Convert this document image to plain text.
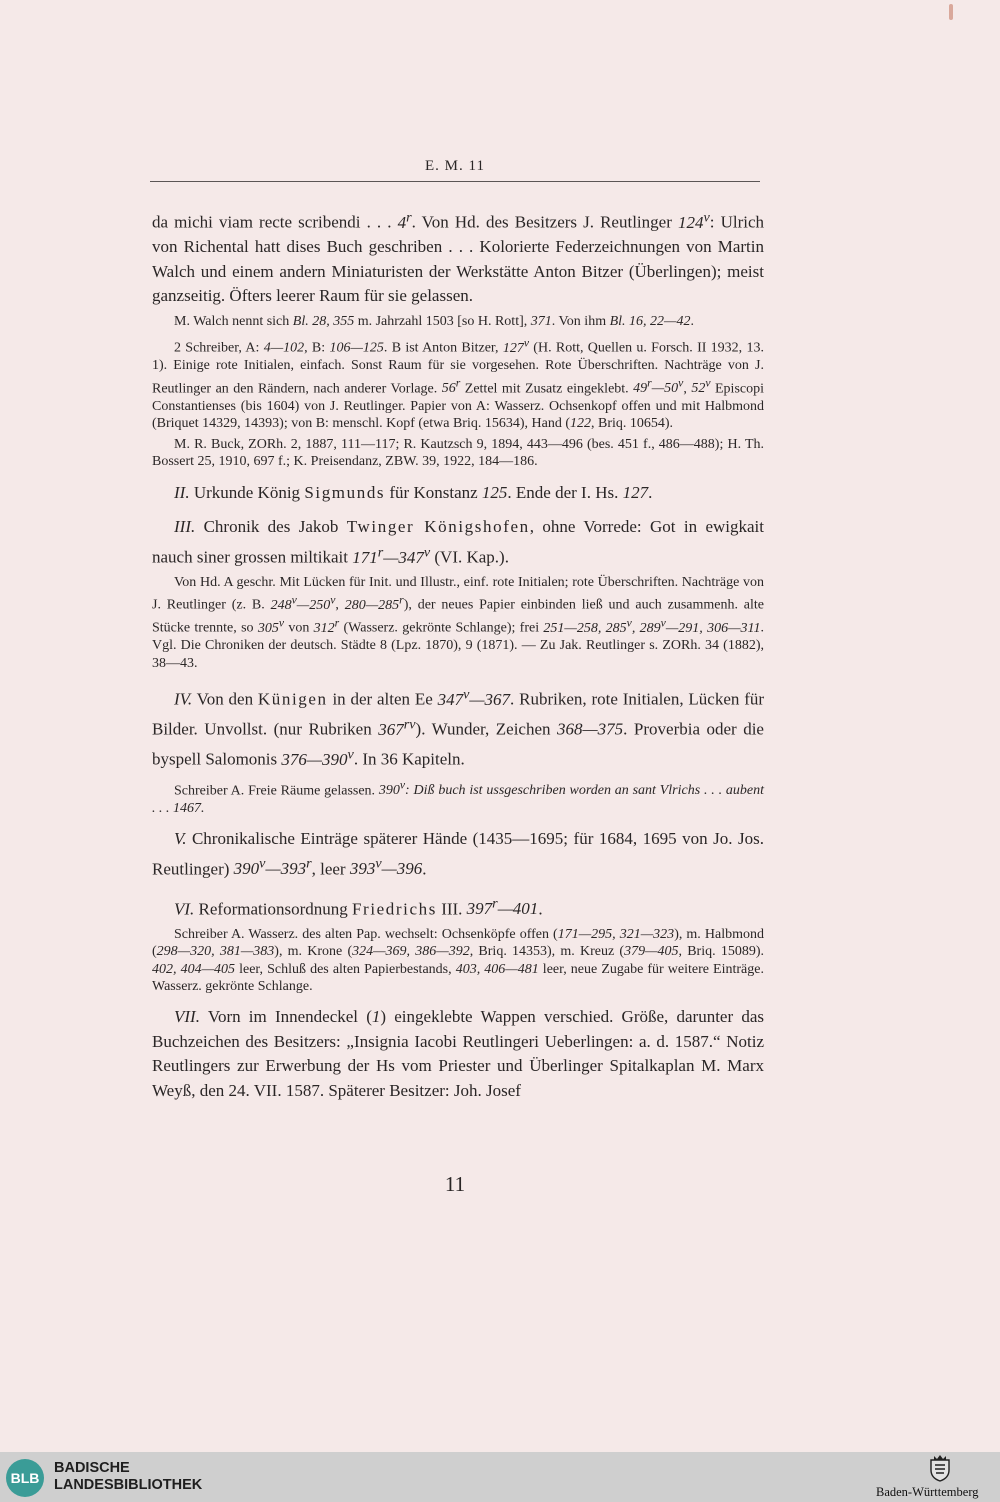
E. M. 11

da michi viam recte scribendi . . . 4$^r$. Von Hd. des Besitzers J. Reutlinger 124$^v$: Ulrich von Richental hatt dises Buch geschriben . . . Kolorierte Federzeichnungen von Martin Walch und einem andern Miniaturisten der Werkstätte Anton Bitzer (Überlingen); meist ganzseitig. Öfters leerer Raum für sie gelassen.

M. Walch nennt sich Bl. 28, 355 m. Jahrzahl 1503 [so H. Rott], 371. Von ihm Bl. 16, 22—42.

2 Schreiber, A: 4—102, B: 106—125. B ist Anton Bitzer, 127$^v$ (H. Rott, Quellen u. Forsch. II 1932, 13. 1). Einige rote Initialen, einfach. Sonst Raum für sie vorgesehen. Rote Überschriften. Nachträge von J. Reutlinger an den Rändern, nach anderer Vorlage. 56$^r$ Zettel mit Zusatz eingeklebt. 49$^r$—50$^v$, 52$^v$ Episcopi Constantienses (bis 1604) von J. Reutlinger. Papier von A: Wasserz. Ochsenkopf offen und mit Halbmond (Briquet 14329, 14393); von B: menschl. Kopf (etwa Briq. 15634), Hand (122, Briq. 10654).

M. R. Buck, ZORh. 2, 1887, 111—117; R. Kautzsch 9, 1894, 443—496 (bes. 451 f., 486—488); H. Th. Bossert 25, 1910, 697 f.; K. Preisendanz, ZBW. 39, 1922, 184—186.

II. Urkunde König Sigmunds für Konstanz 125. Ende der I. Hs. 127.

III. Chronik des Jakob Twinger Königshofen, ohne Vorrede: Got in ewigkait nauch siner grossen miltikait 171$^r$—347$^v$ (VI. Kap.).

Von Hd. A geschr. Mit Lücken für Init. und Illustr., einf. rote Initialen; rote Überschriften. Nachträge von J. Reutlinger (z. B. 248$^v$—250$^v$, 280—285$^r$), der neues Papier einbinden ließ und auch zusammenh. alte Stücke trennte, so 305$^v$ von 312$^r$ (Wasserz. gekrönte Schlange); frei 251—258, 285$^v$, 289$^v$—291, 306—311. Vgl. Die Chroniken der deutsch. Städte 8 (Lpz. 1870), 9 (1871). — Zu Jak. Reutlinger s. ZORh. 34 (1882), 38—43.

IV. Von den Künigen in der alten Ee 347$^v$—367. Rubriken, rote Initialen, Lücken für Bilder. Unvollst. (nur Rubriken $367^{rv}$). Wunder, Zeichen 368—375. Proverbia oder die byspell Salomonis 376—390$^v$. In 36 Kapiteln.

Schreiber A. Freie Räume gelassen. 390$^v$: Diß buch ist ussgeschriben worden an sant Vlrichs . . . aubent . . . 1467.

V. Chronikalische Einträge späterer Hände (1435—1695; für 1684, 1695 von Jo. Jos. Reutlinger) 390$^v$—393$^r$, leer 393$^v$—396.

VI. Reformationsordnung Friedrichs III. 397$^r$—401.

Schreiber A. Wasserz. des alten Pap. wechselt: Ochsenköpfe offen (171—295, 321—323), m. Halbmond (298—320, 381—383), m. Krone (324—369, 386—392, Briq. 14353), m. Kreuz (379—405, Briq. 15089). 402, 404—405 leer, Schluß des alten Papierbestands, 403, 406—481 leer, neue Zugabe für weitere Einträge. Wasserz. gekrönte Schlange.

VII. Vorn im Innendeckel (1) eingeklebte Wappen verschied. Größe, darunter das Buchzeichen des Besitzers: „Insignia Iacobi Reutlingeri Ueberlingen: a. d. 1587.“ Notiz Reutlingers zur Erwerbung der Hs vom Priester und Überlinger Spitalkaplan M. Marx Weyß, den 24. VII. 1587. Späterer Besitzer: Joh. Josef

11
BLB
BADISCHE
LANDESBIBLIOTHEK	Baden-Württemberg
